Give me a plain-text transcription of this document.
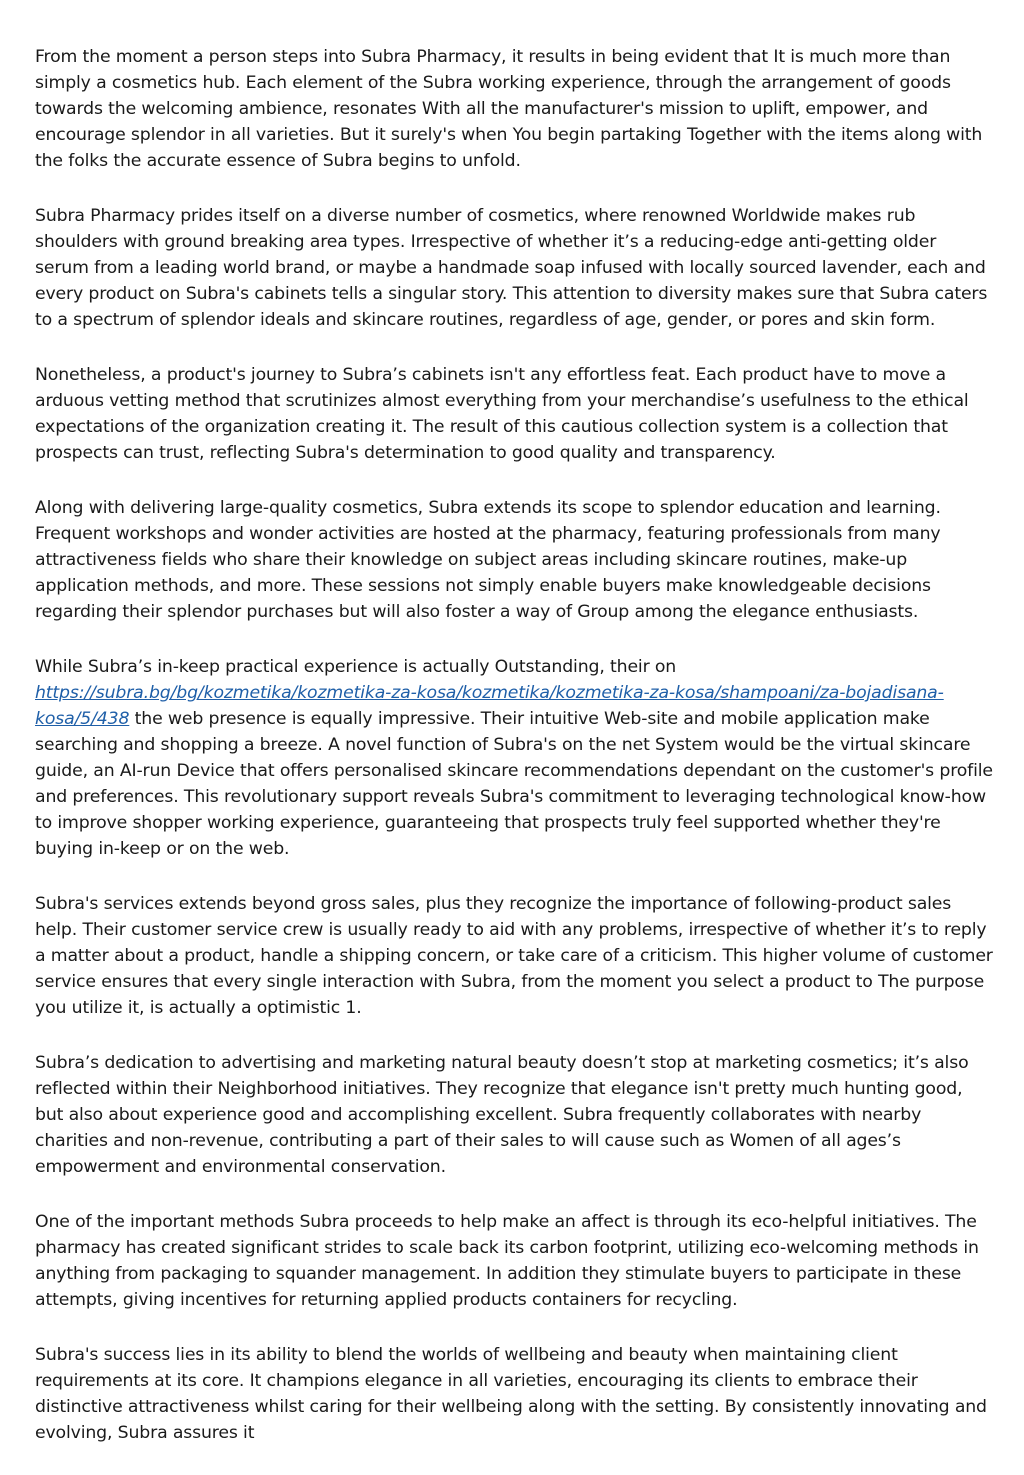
From the moment a person steps into Subra Pharmacy, it results in being evident that It is much more than simply a cosmetics hub. Each element of the Subra working experience, through the arrangement of goods towards the welcoming ambience, resonates With all the manufacturer's mission to uplift, empower, and encourage splendor in all varieties. But it surely's when You begin partaking Together with the items along with the folks the accurate essence of Subra begins to unfold.

Subra Pharmacy prides itself on a diverse number of cosmetics, where renowned Worldwide makes rub shoulders with ground breaking area types. Irrespective of whether it’s a reducing-edge anti-getting older serum from a leading world brand, or maybe a handmade soap infused with locally sourced lavender, each and every product on Subra's cabinets tells a singular story. This attention to diversity makes sure that Subra caters to a spectrum of splendor ideals and skincare routines, regardless of age, gender, or pores and skin form.

Nonetheless, a product's journey to Subra’s cabinets isn't any effortless feat. Each product have to move a arduous vetting method that scrutinizes almost everything from your merchandise’s usefulness to the ethical expectations of the organization creating it. The result of this cautious collection system is a collection that prospects can trust, reflecting Subra's determination to good quality and transparency.

Along with delivering large-quality cosmetics, Subra extends its scope to splendor education and learning. Frequent workshops and wonder activities are hosted at the pharmacy, featuring professionals from many attractiveness fields who share their knowledge on subject areas including skincare routines, make-up application methods, and more. These sessions not simply enable buyers make knowledgeable decisions regarding their splendor purchases but will also foster a way of Group among the elegance enthusiasts.

While Subra’s in-keep practical experience is actually Outstanding, their on https://subra.bg/bg/kozmetika/kozmetika-za-kosa/kozmetika/kozmetika-za-kosa/shampoani/za-bojadisana-kosa/5/438 the web presence is equally impressive. Their intuitive Web-site and mobile application make searching and shopping a breeze. A novel function of Subra's on the net System would be the virtual skincare guide, an AI-run Device that offers personalised skincare recommendations dependant on the customer's profile and preferences. This revolutionary support reveals Subra's commitment to leveraging technological know-how to improve shopper working experience, guaranteeing that prospects truly feel supported whether they're buying in-keep or on the web.

Subra's services extends beyond gross sales, plus they recognize the importance of following-product sales help. Their customer service crew is usually ready to aid with any problems, irrespective of whether it’s to reply a matter about a product, handle a shipping concern, or take care of a criticism. This higher volume of customer service ensures that every single interaction with Subra, from the moment you select a product to The purpose you utilize it, is actually a optimistic 1.

Subra’s dedication to advertising and marketing natural beauty doesn’t stop at marketing cosmetics; it’s also reflected within their Neighborhood initiatives. They recognize that elegance isn't pretty much hunting good, but also about experience good and accomplishing excellent. Subra frequently collaborates with nearby charities and non-revenue, contributing a part of their sales to will cause such as Women of all ages’s empowerment and environmental conservation.

One of the important methods Subra proceeds to help make an affect is through its eco-helpful initiatives. The pharmacy has created significant strides to scale back its carbon footprint, utilizing eco-welcoming methods in anything from packaging to squander management. In addition they stimulate buyers to participate in these attempts, giving incentives for returning applied products containers for recycling.

Subra's success lies in its ability to blend the worlds of wellbeing and beauty when maintaining client requirements at its core. It champions elegance in all varieties, encouraging its clients to embrace their distinctive attractiveness whilst caring for their wellbeing along with the setting. By consistently innovating and evolving, Subra assures it
